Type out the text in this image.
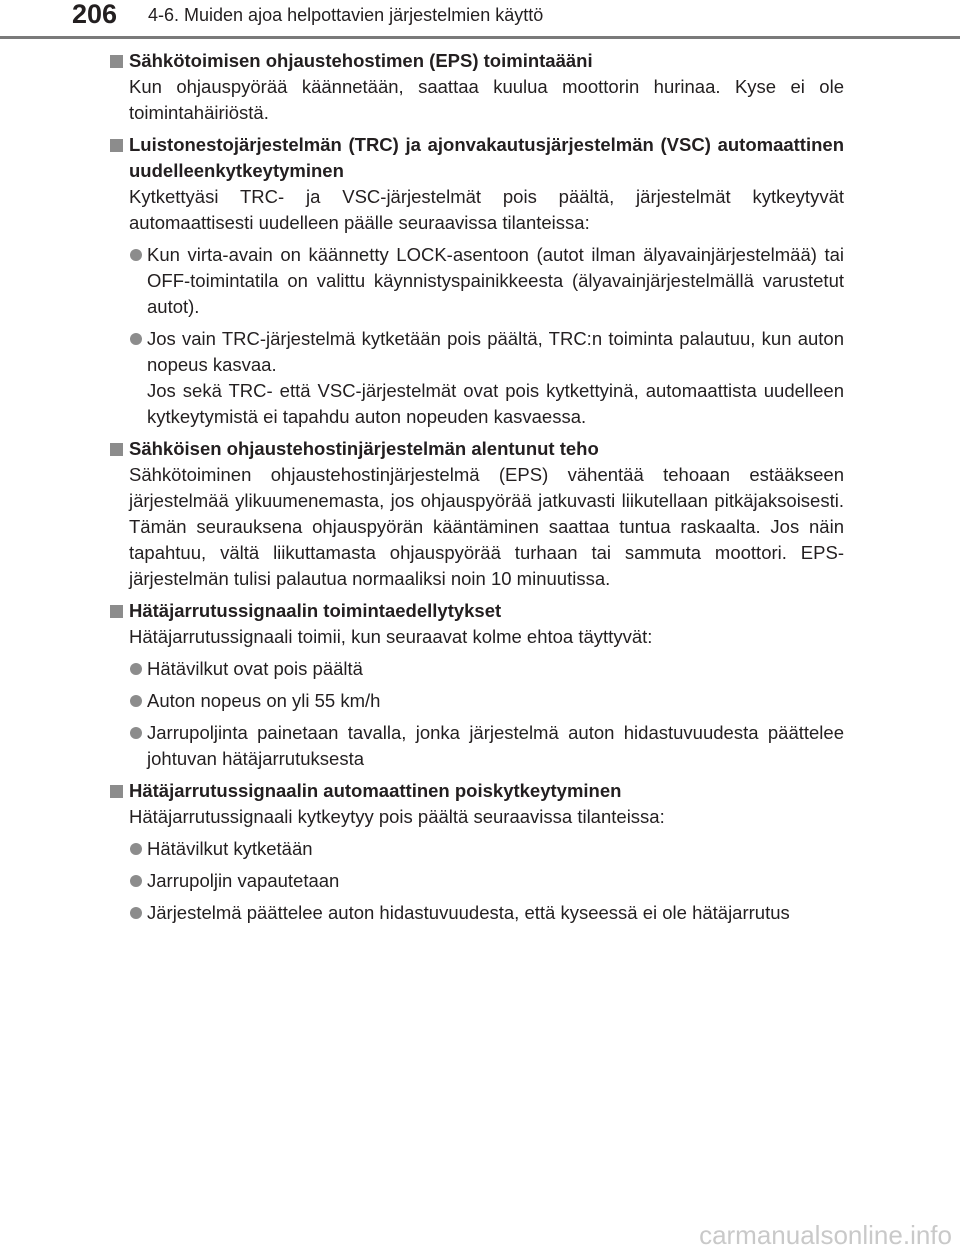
206 4-6. Muiden ajoa helpottavien järjestelmien käyttö
Sähkötoimisen ohjaustehostimen (EPS) toimintaääni

Kun ohjauspyörää käännetään, saattaa kuulua moottorin hurinaa. Kyse ei ole toimintahäiriöstä.

Luistonestojärjestelmän (TRC) ja ajonvakautusjärjestelmän (VSC) automaattinen uudelleenkytkeytyminen

Kytkettyäsi TRC- ja VSC-järjestelmät pois päältä, järjestelmät kytkeytyvät automaattisesti uudelleen päälle seuraavissa tilanteissa:

Kun virta-avain on käännetty LOCK-asentoon (autot ilman älyavainjärjestelmää) tai OFF-toimintatila on valittu käynnistyspainikkeesta (älyavainjärjestelmällä varustetut autot).
Jos vain TRC-järjestelmä kytketään pois päältä, TRC:n toiminta palautuu, kun auton nopeus kasvaa.
Jos sekä TRC- että VSC-järjestelmät ovat pois kytkettyinä, automaattista uudelleen kytkeytymistä ei tapahdu auton nopeuden kasvaessa.
Sähköisen ohjaustehostinjärjestelmän alentunut teho

Sähkötoiminen ohjaustehostinjärjestelmä (EPS) vähentää tehoaan estääkseen järjestelmää ylikuumenemasta, jos ohjauspyörää jatkuvasti liikutellaan pitkäjaksoisesti. Tämän seurauksena ohjauspyörän kääntäminen saattaa tuntua raskaalta. Jos näin tapahtuu, vältä liikuttamasta ohjauspyörää turhaan tai sammuta moottori. EPS-järjestelmän tulisi palautua normaaliksi noin 10 minuutissa.

Hätäjarrutussignaalin toimintaedellytykset

Hätäjarrutussignaali toimii, kun seuraavat kolme ehtoa täyttyvät:

Hätävilkut ovat pois päältä
Auton nopeus on yli 55 km/h
Jarrupoljinta painetaan tavalla, jonka järjestelmä auton hidastuvuudesta päättelee johtuvan hätäjarrutuksesta
Hätäjarrutussignaalin automaattinen poiskytkeytyminen

Hätäjarrutussignaali kytkeytyy pois päältä seuraavissa tilanteissa:

Hätävilkut kytketään
Jarrupoljin vapautetaan
Järjestelmä päättelee auton hidastuvuudesta, että kyseessä ei ole hätäjarrutus
carmanualsonline.info
